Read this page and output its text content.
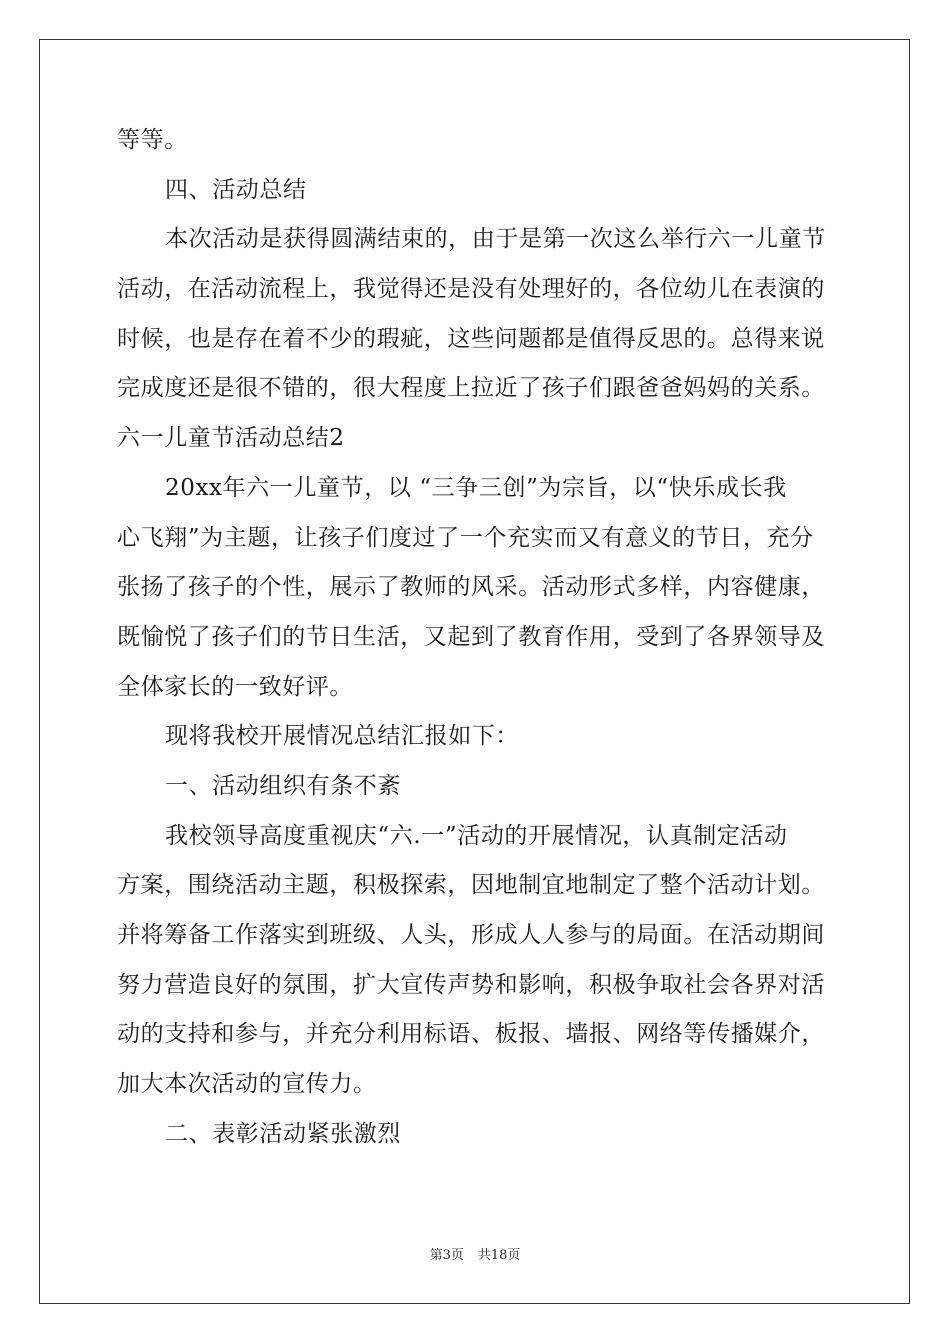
等等。

四、活动总结

本次活动是获得圆满结束的，由于是第一次这么举行六一儿童节

活动，在活动流程上，我觉得还是没有处理好的，各位幼儿在表演的

时候，也是存在着不少的瑕疵，这些问题都是值得反思的。总得来说

完成度还是很不错的，很大程度上拉近了孩子们跟爸爸妈妈的关系。

六一儿童节活动总结2

20xx年六一儿童节，以 “三争三创”为宗旨，以“快乐成长我

心飞翔”为主题，让孩子们度过了一个充实而又有意义的节日，充分

张扬了孩子的个性，展示了教师的风采。活动形式多样，内容健康，

既愉悦了孩子们的节日生活，又起到了教育作用，受到了各界领导及

全体家长的一致好评。

现将我校开展情况总结汇报如下：

一、活动组织有条不紊

我校领导高度重视庆“六.一”活动的开展情况，认真制定活动

方案，围绕活动主题，积极探索，因地制宜地制定了整个活动计划。

并将筹备工作落实到班级、人头，形成人人参与的局面。在活动期间

努力营造良好的氛围，扩大宣传声势和影响，积极争取社会各界对活

动的支持和参与，并充分利用标语、板报、墙报、网络等传播媒介，

加大本次活动的宣传力。

二、表彰活动紧张激烈

第3页 共18页
